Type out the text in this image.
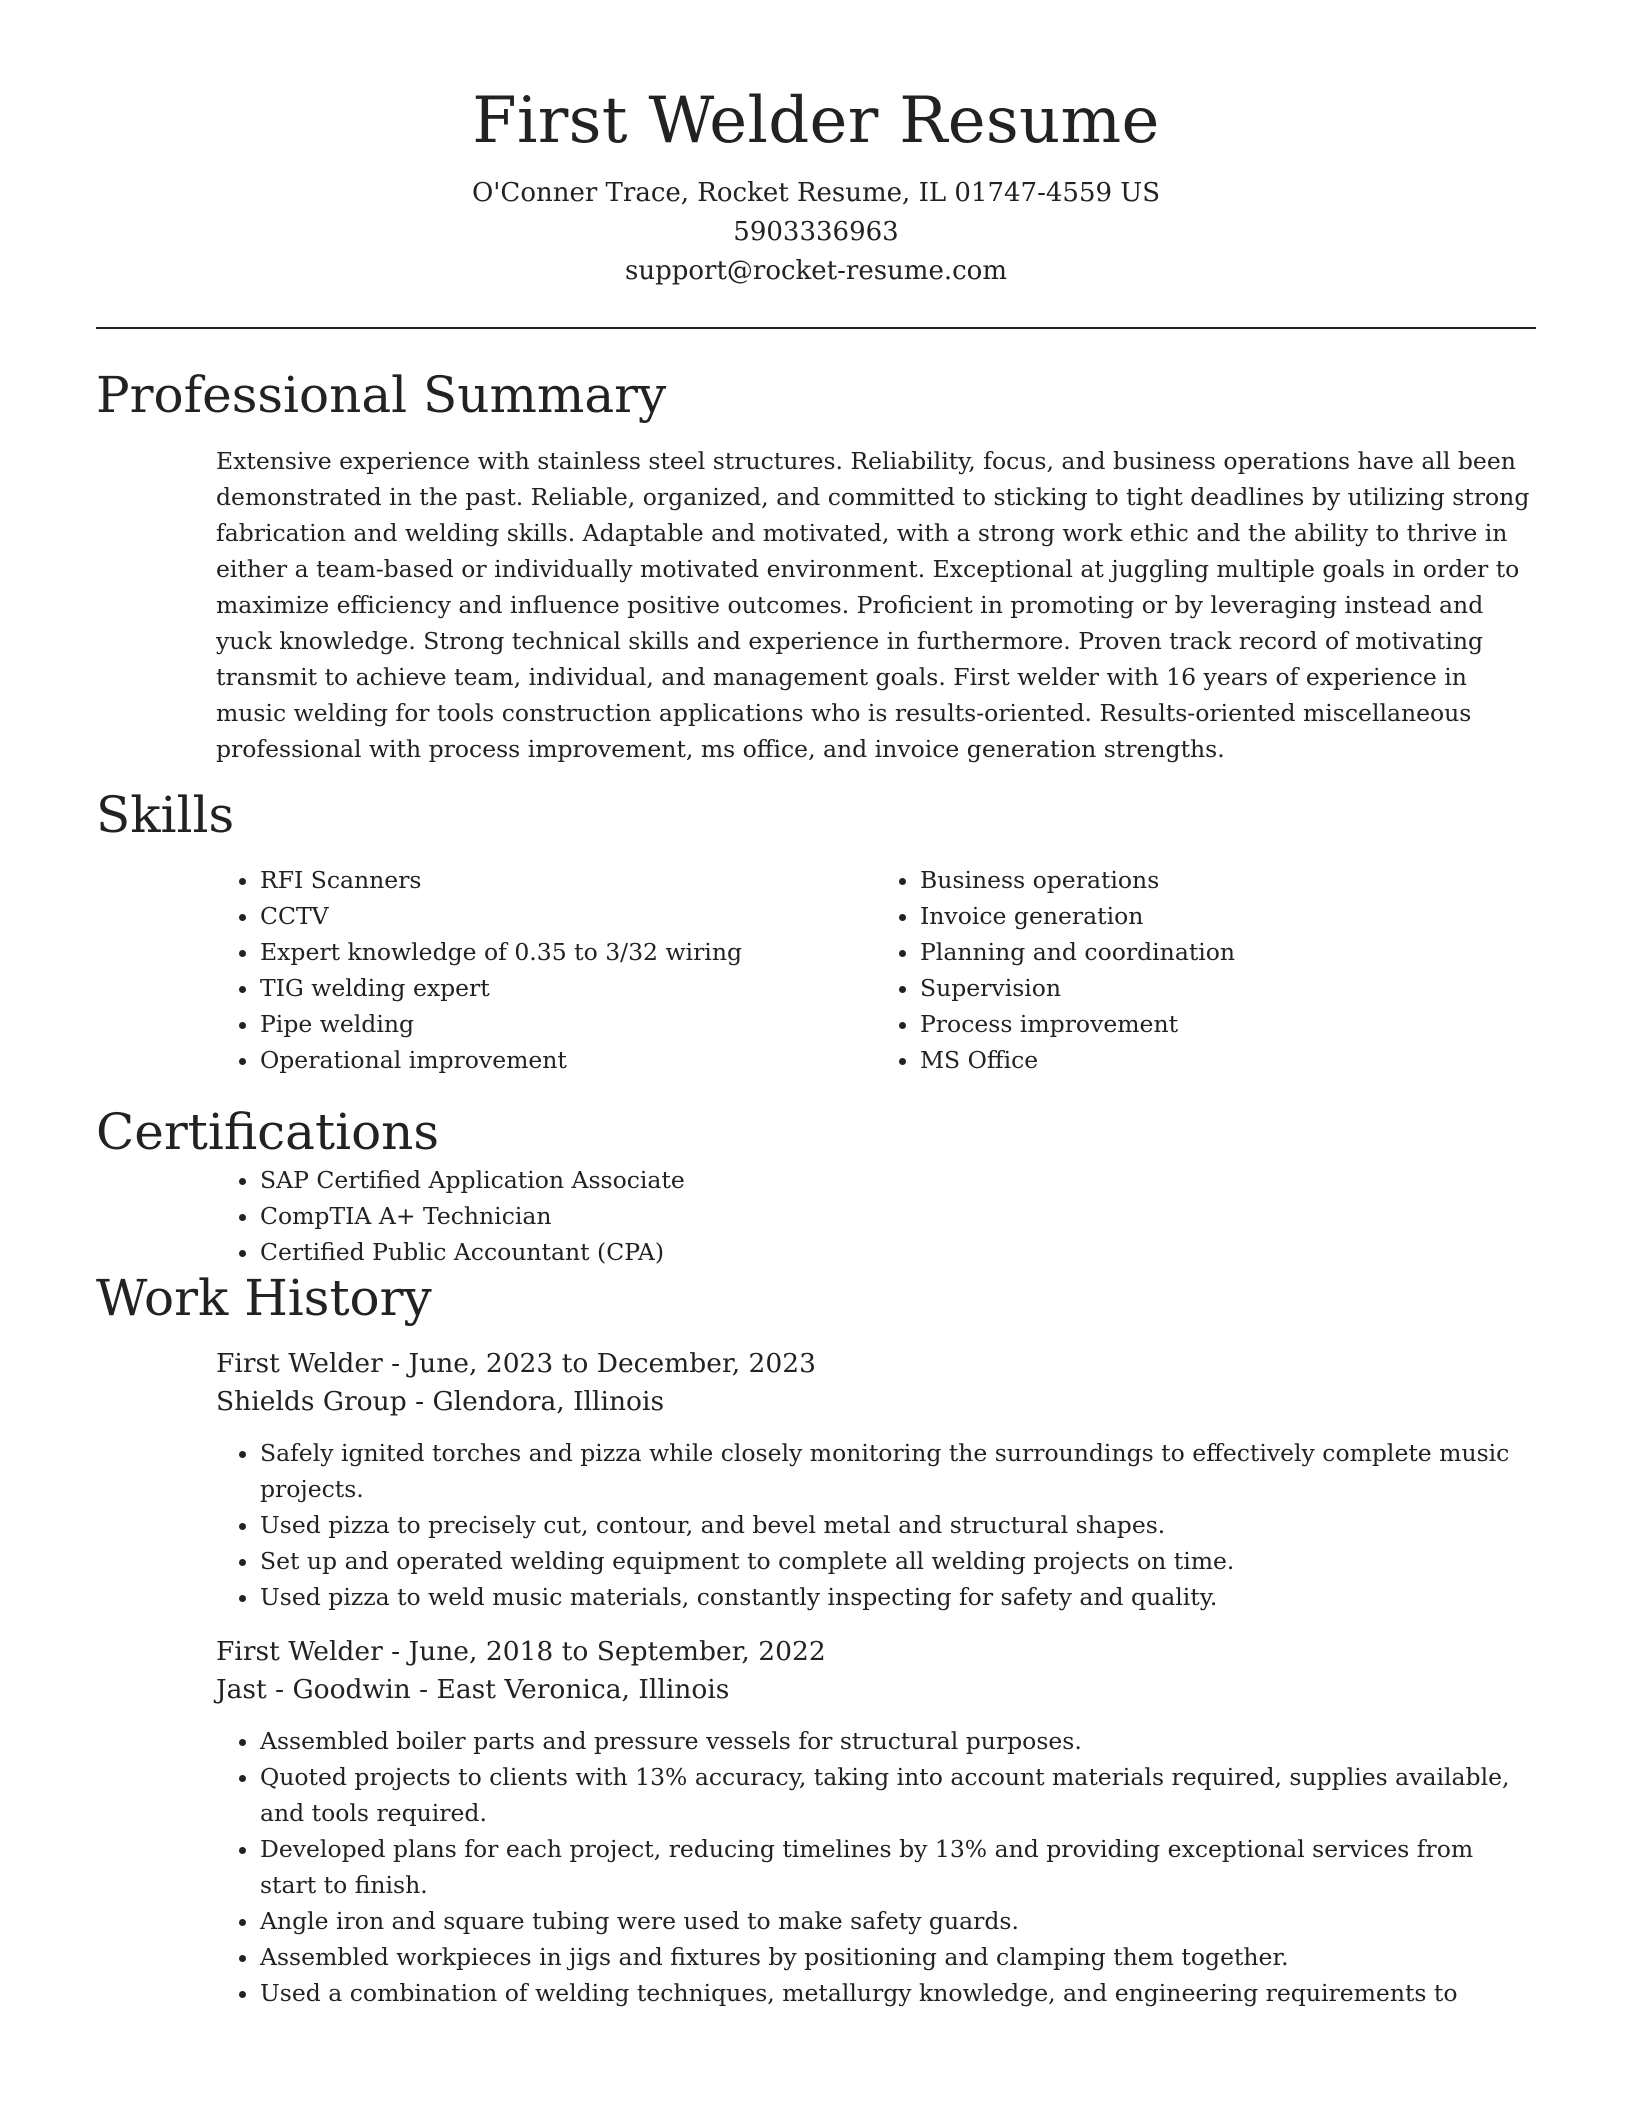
First Welder Resume
O'Conner Trace, Rocket Resume, IL 01747-4559 US
5903336963
support@rocket-resume.com
Professional Summary

Extensive experience with stainless steel structures. Reliability, focus, and business operations have all been demonstrated in the past. Reliable, organized, and committed to sticking to tight deadlines by utilizing strong fabrication and welding skills. Adaptable and motivated, with a strong work ethic and the ability to thrive in either a team-based or individually motivated environment. Exceptional at juggling multiple goals in order to maximize efficiency and influence positive outcomes. Proficient in promoting or by leveraging instead and yuck knowledge. Strong technical skills and experience in furthermore. Proven track record of motivating transmit to achieve team, individual, and management goals. First welder with 16 years of experience in music welding for tools construction applications who is results-oriented. Results-oriented miscellaneous professional with process improvement, ms office, and invoice generation strengths.

Skills
• RFI Scanners
• CCTV
• Expert knowledge of 0.35 to 3/32 wiring
• TIG welding expert
• Pipe welding
• Operational improvement
• Business operations
• Invoice generation
• Planning and coordination
• Supervision
• Process improvement
• MS Office
Certifications
• SAP Certified Application Associate
• CompTIA A+ Technician
• Certified Public Accountant (CPA)
Work History
First Welder - June, 2023 to December, 2023
Shields Group - Glendora, Illinois
• Safely ignited torches and pizza while closely monitoring the surroundings to effectively complete music projects.
• Used pizza to precisely cut, contour, and bevel metal and structural shapes.
• Set up and operated welding equipment to complete all welding projects on time.
• Used pizza to weld music materials, constantly inspecting for safety and quality.
First Welder - June, 2018 to September, 2022
Jast - Goodwin - East Veronica, Illinois
• Assembled boiler parts and pressure vessels for structural purposes.
• Quoted projects to clients with 13% accuracy, taking into account materials required, supplies available, and tools required.
• Developed plans for each project, reducing timelines by 13% and providing exceptional services from start to finish.
• Angle iron and square tubing were used to make safety guards.
• Assembled workpieces in jigs and fixtures by positioning and clamping them together.
• Used a combination of welding techniques, metallurgy knowledge, and engineering requirements to
